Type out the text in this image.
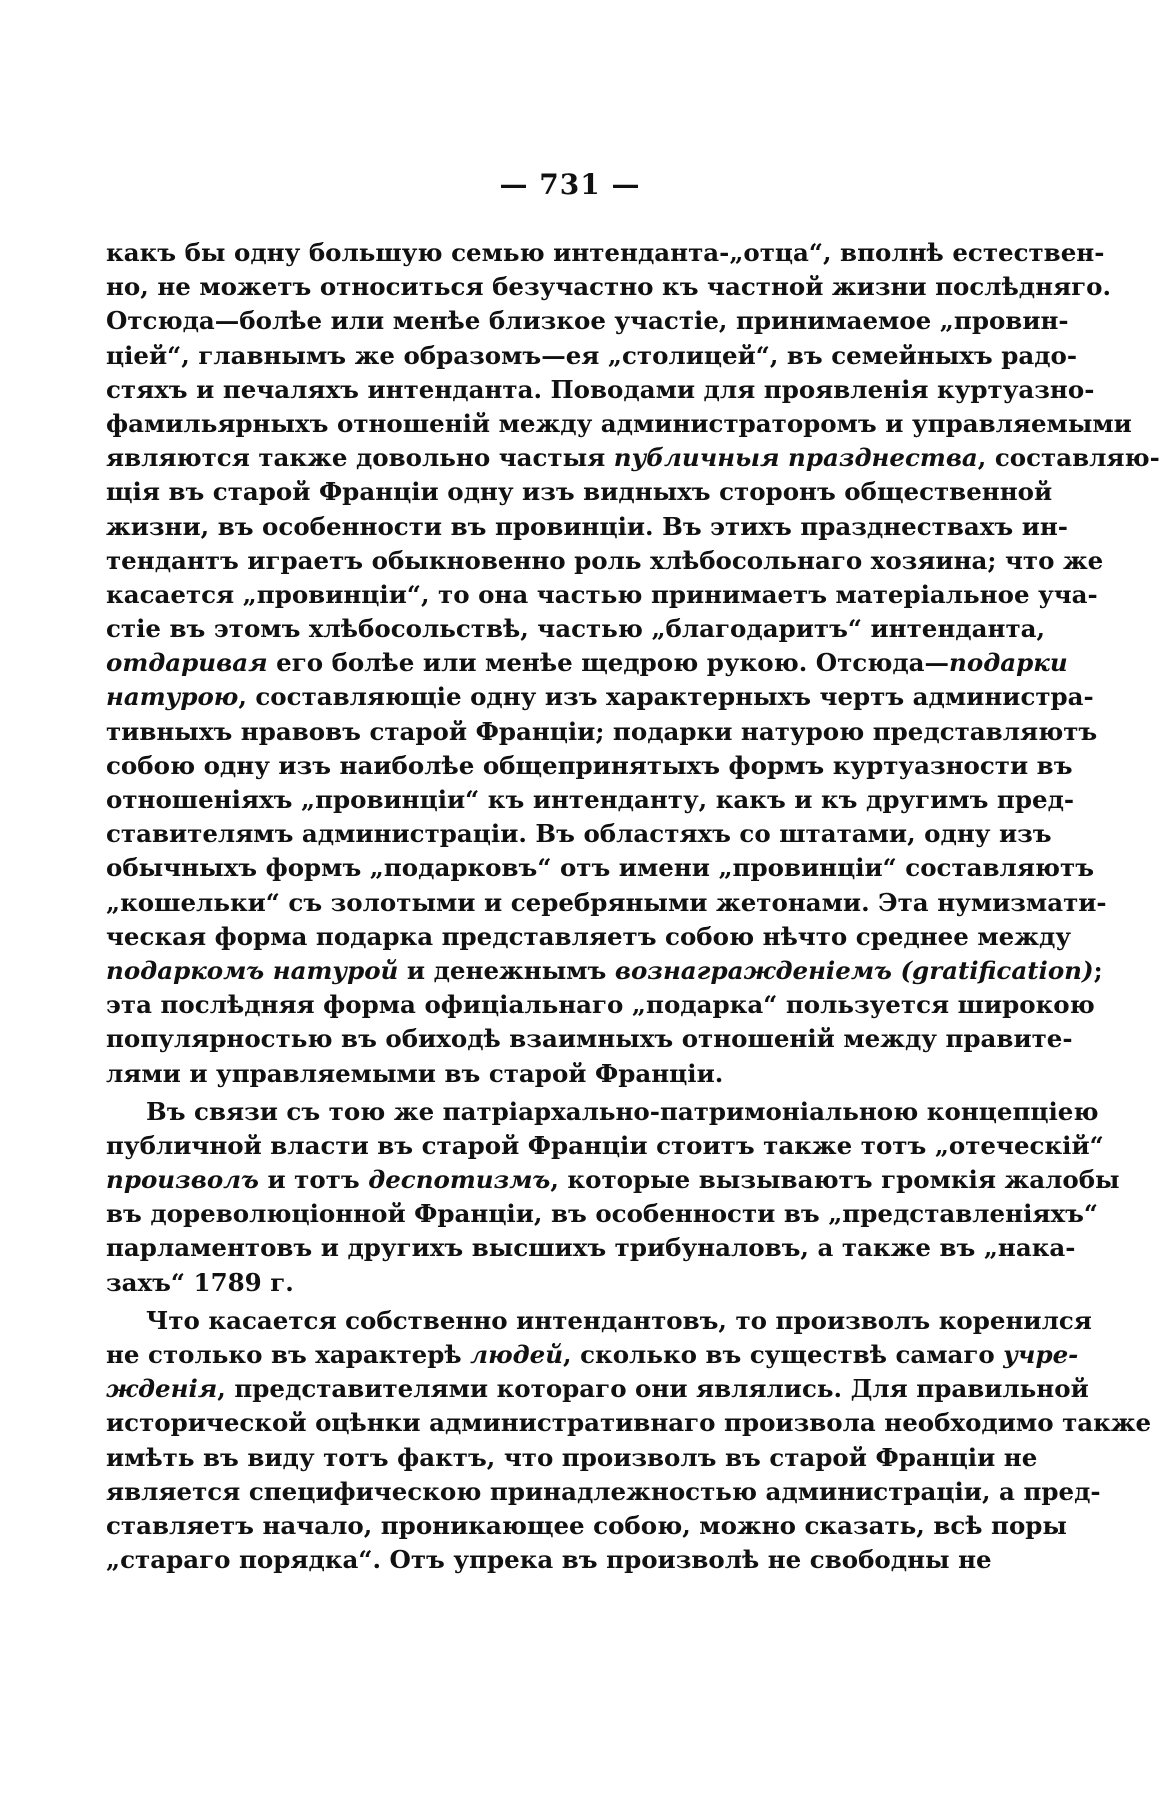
— 731 —
какъ бы одну большую семью интенданта-„отца“, вполнѣ естествен-
но, не можетъ относиться безучастно къ частной жизни послѣдняго.
Отсюда—болѣе или менѣе близкое участіе, принимаемое „провин-
ціей“, главнымъ же образомъ—ея „столицей“, въ семейныхъ радо-
стяхъ и печаляхъ интенданта. Поводами для проявленія куртуазно-
фамильярныхъ отношеній между администраторомъ и управляемыми
являются также довольно частыя публичныя празднества, составляю-
щія въ старой Франціи одну изъ видныхъ сторонъ общественной
жизни, въ особенности въ провинціи. Въ этихъ празднествахъ ин-
тендантъ играетъ обыкновенно роль хлѣбосольнаго хозяина; что же
касается „провинціи“, то она частью принимаетъ матеріальное уча-
стіе въ этомъ хлѣбосольствѣ, частью „благодаритъ“ интенданта,
отдаривая его болѣе или менѣе щедрою рукою. Отсюда—подарки
натурою, составляющіе одну изъ характерныхъ чертъ администра-
тивныхъ нравовъ старой Франціи; подарки натурою представляютъ
собою одну изъ наиболѣе общепринятыхъ формъ куртуазности въ
отношеніяхъ „провинціи“ къ интенданту, какъ и къ другимъ пред-
ставителямъ администраціи. Въ областяхъ со штатами, одну изъ
обычныхъ формъ „подарковъ“ отъ имени „провинціи“ составляютъ
„кошельки“ съ золотыми и серебряными жетонами. Эта нумизмати-
ческая форма подарка представляетъ собою нѣчто среднее между
подаркомъ натурой и денежнымъ вознагражденіемъ (gratification);
эта послѣдняя форма офиціальнаго „подарка“ пользуется широкою
популярностью въ обиходѣ взаимныхъ отношеній между правите-
лями и управляемыми въ старой Франціи.
Въ связи съ тою же патріархально-патримоніальною концепціею
публичной власти въ старой Франціи стоитъ также тотъ „отеческій“
произволъ и тотъ деспотизмъ, которые вызываютъ громкія жалобы
въ дореволюціонной Франціи, въ особенности въ „представленіяхъ“
парламентовъ и другихъ высшихъ трибуналовъ, а также въ „нака-
захъ“ 1789 г.
Что касается собственно интендантовъ, то произволъ коренился
не столько въ характерѣ людей, сколько въ существѣ самаго учре-
жденія, представителями котораго они являлись. Для правильной
исторической оцѣнки административнаго произвола необходимо также
имѣть въ виду тотъ фактъ, что произволъ въ старой Франціи не
является специфическою принадлежностью администраціи, а пред-
ставляетъ начало, проникающее собою, можно сказать, всѣ поры
„стараго порядка“. Отъ упрека въ произволѣ не свободны не
